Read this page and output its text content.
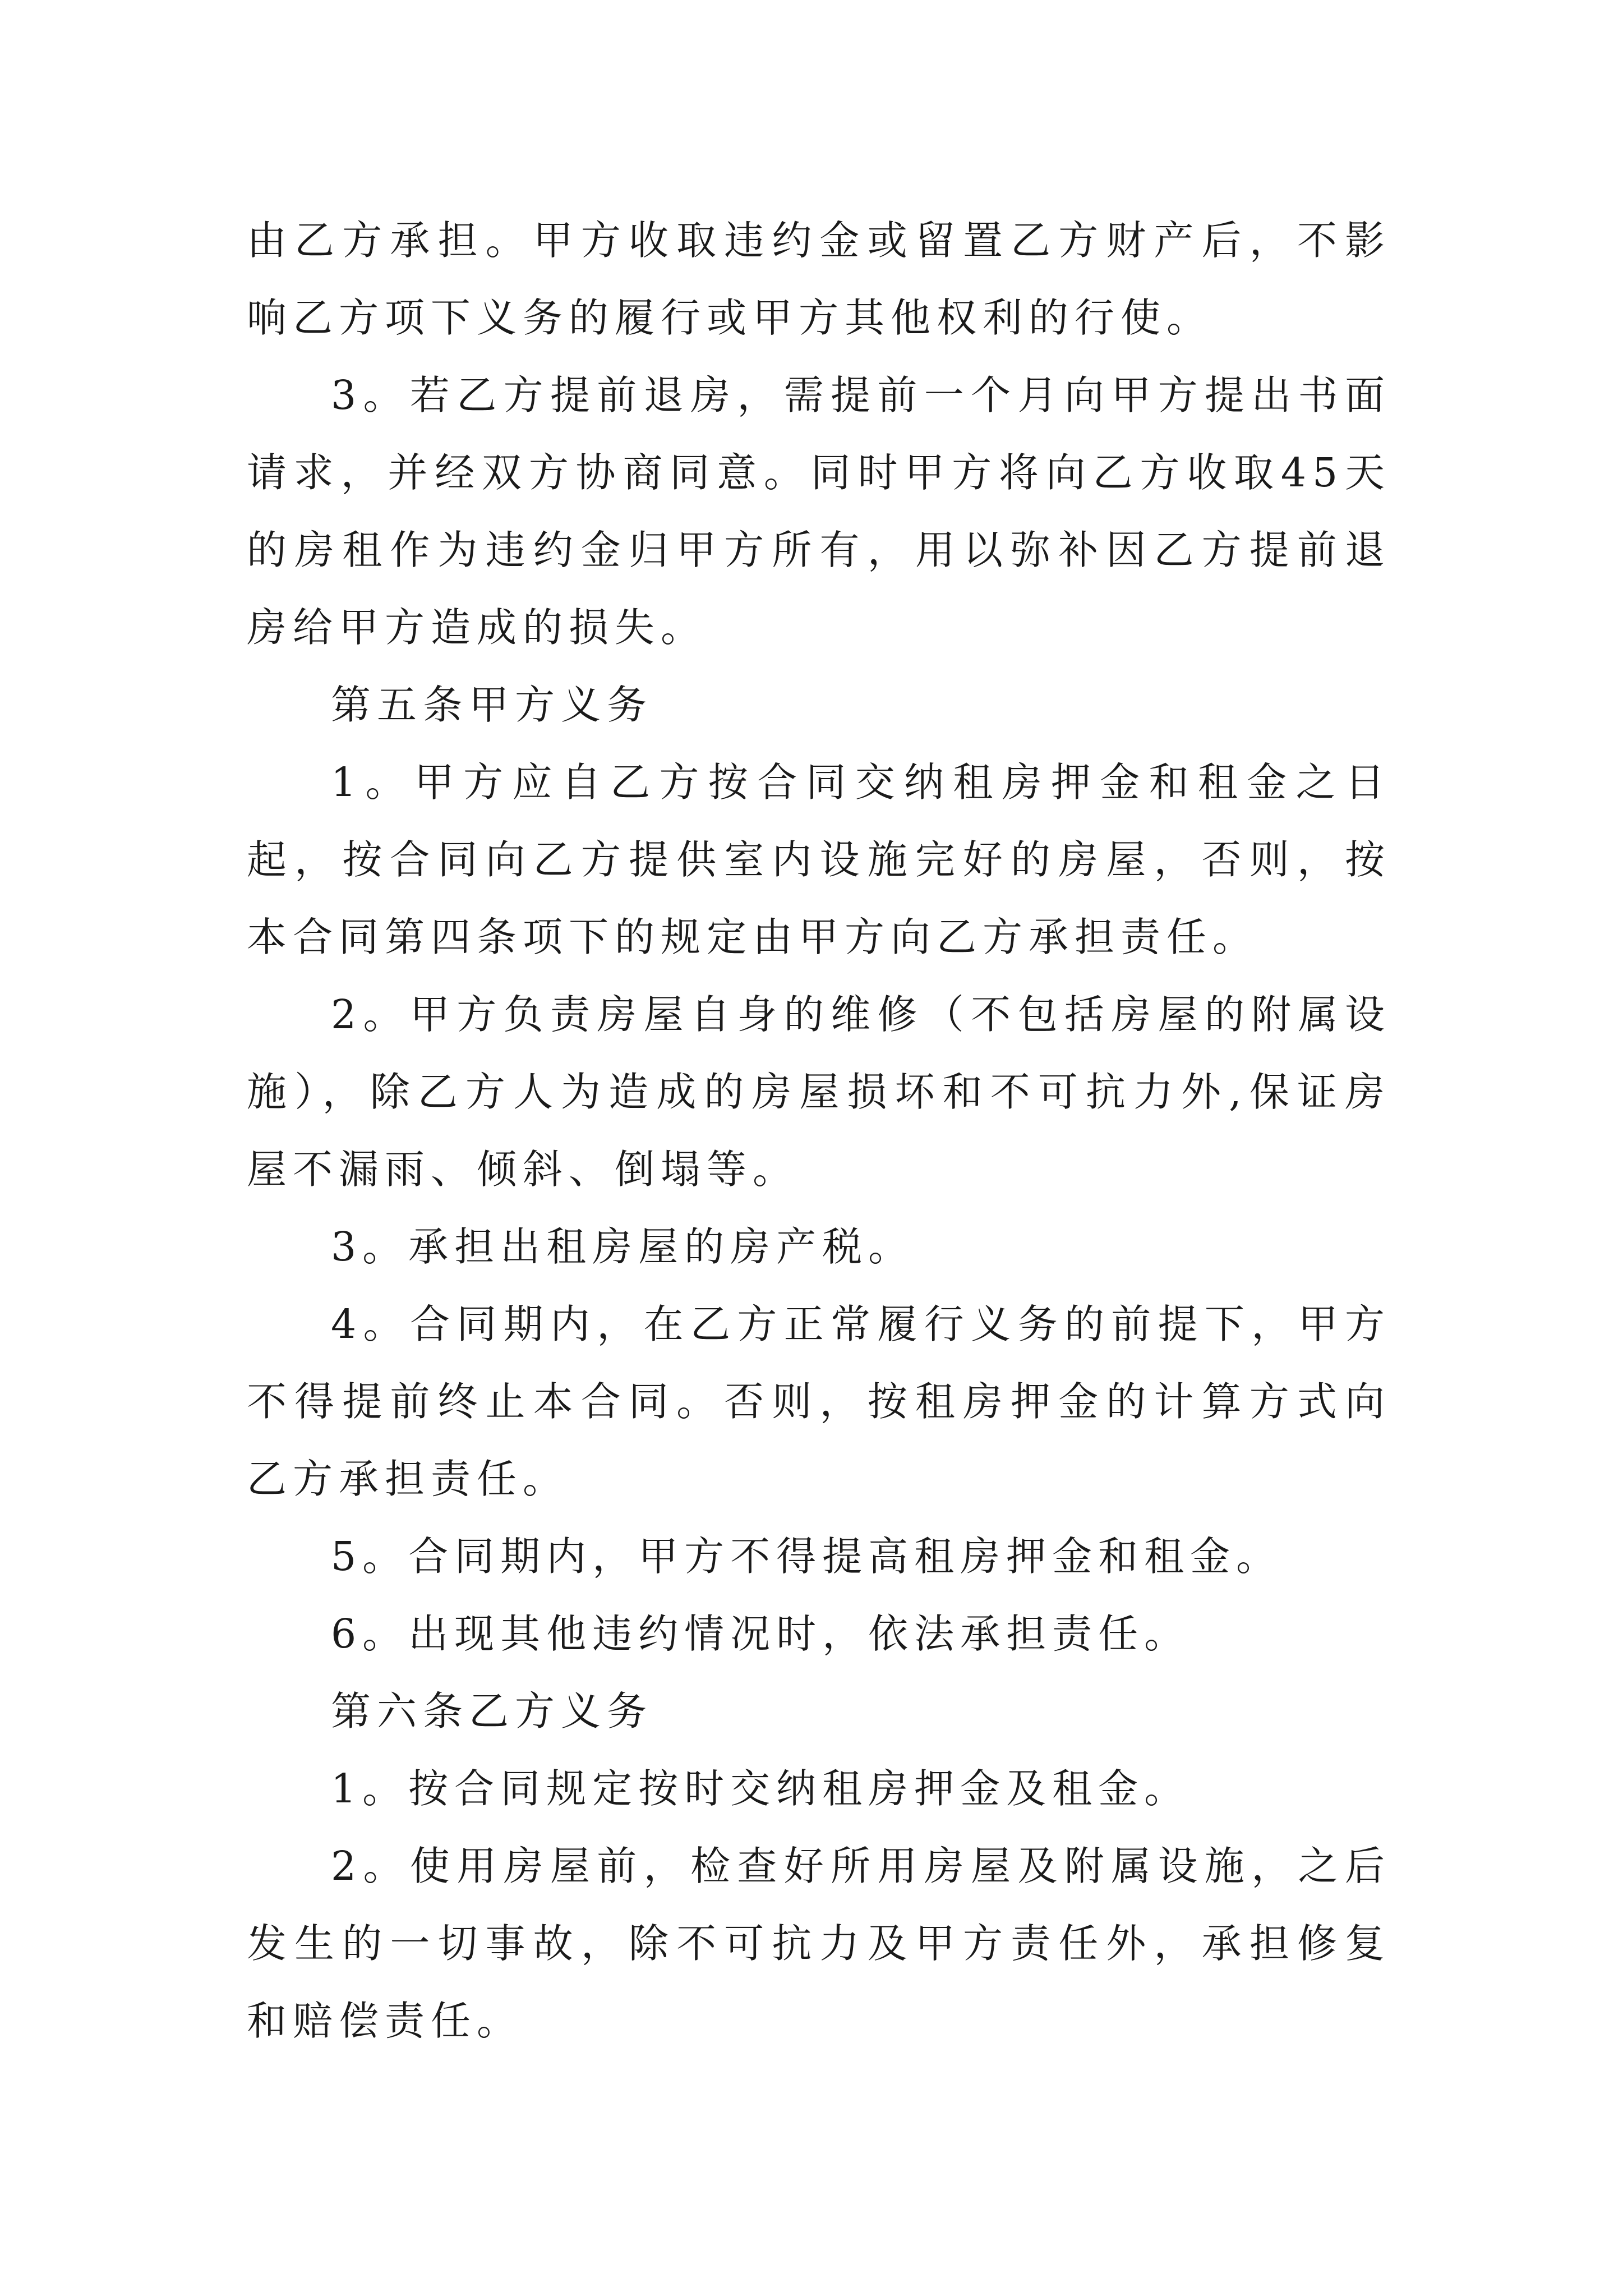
由乙方承担。甲方收取违约金或留置乙方财产后，不影响乙方项下义务的履行或甲方其他权利的行使。

3。若乙方提前退房，需提前一个月向甲方提出书面请求，并经双方协商同意。同时甲方将向乙方收取45天的房租作为违约金归甲方所有，用以弥补因乙方提前退房给甲方造成的损失。

第五条甲方义务

1。甲方应自乙方按合同交纳租房押金和租金之日起，按合同向乙方提供室内设施完好的房屋，否则，按本合同第四条项下的规定由甲方向乙方承担责任。

2。甲方负责房屋自身的维修（不包括房屋的附属设施），除乙方人为造成的房屋损坏和不可抗力外,保证房屋不漏雨、倾斜、倒塌等。

3。承担出租房屋的房产税。

4。合同期内，在乙方正常履行义务的前提下，甲方不得提前终止本合同。否则，按租房押金的计算方式向乙方承担责任。

5。合同期内，甲方不得提高租房押金和租金。

6。出现其他违约情况时，依法承担责任。

第六条乙方义务

1。按合同规定按时交纳租房押金及租金。

2。使用房屋前，检查好所用房屋及附属设施，之后发生的一切事故，除不可抗力及甲方责任外，承担修复和赔偿责任。
